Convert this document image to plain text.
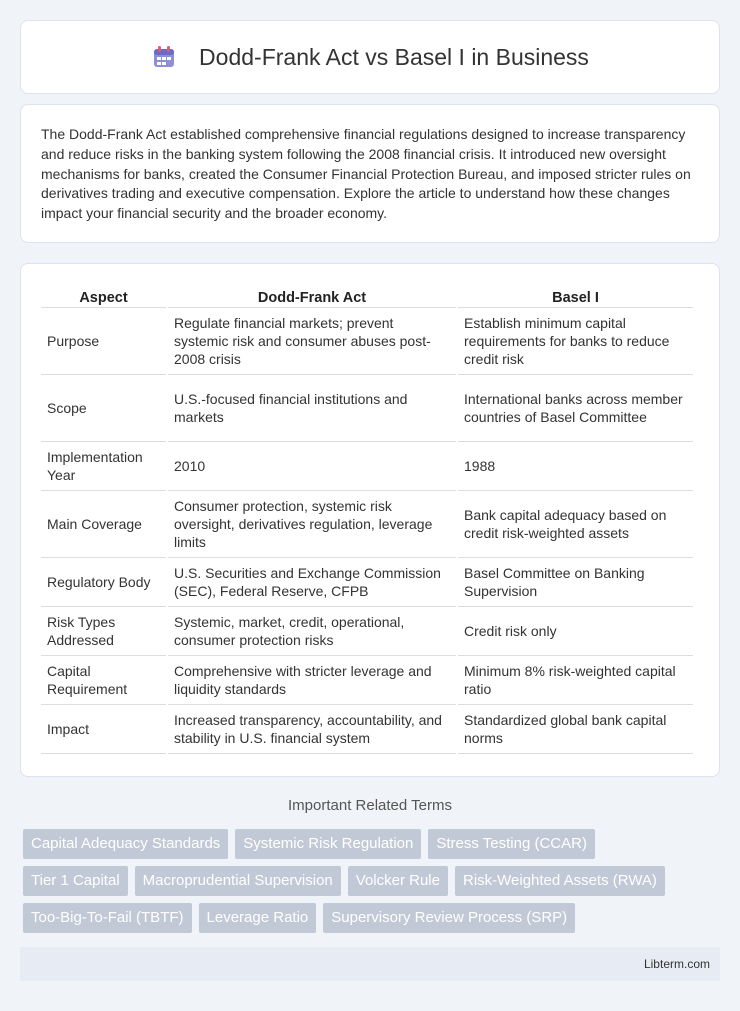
Dodd-Frank Act vs Basel I in Business

The Dodd-Frank Act established comprehensive financial regulations designed to increase transparency and reduce risks in the banking system following the 2008 financial crisis. It introduced new oversight mechanisms for banks, created the Consumer Financial Protection Bureau, and imposed stricter rules on derivatives trading and executive compensation. Explore the article to understand how these changes impact your financial security and the broader economy.

Aspect	Dodd-Frank Act	Basel I
Purpose	Regulate financial markets; prevent systemic risk and consumer abuses post-2008 crisis	Establish minimum capital requirements for banks to reduce credit risk
Scope	U.S.-focused financial institutions and markets	International banks across member countries of Basel Committee
Implementation Year	2010	1988
Main Coverage	Consumer protection, systemic risk oversight, derivatives regulation, leverage limits	Bank capital adequacy based on credit risk-weighted assets
Regulatory Body	U.S. Securities and Exchange Commission (SEC), Federal Reserve, CFPB	Basel Committee on Banking Supervision
Risk Types Addressed	Systemic, market, credit, operational, consumer protection risks	Credit risk only
Capital Requirement	Comprehensive with stricter leverage and liquidity standards	Minimum 8% risk-weighted capital ratio
Impact	Increased transparency, accountability, and stability in U.S. financial system	Standardized global bank capital norms
Important Related Terms
Capital Adequacy Standards	Systemic Risk Regulation	Stress Testing (CCAR)
Tier 1 Capital	Macroprudential Supervision	Volcker Rule	Risk-Weighted Assets (RWA)
Too-Big-To-Fail (TBTF)	Leverage Ratio	Supervisory Review Process (SRP)
Libterm.com
